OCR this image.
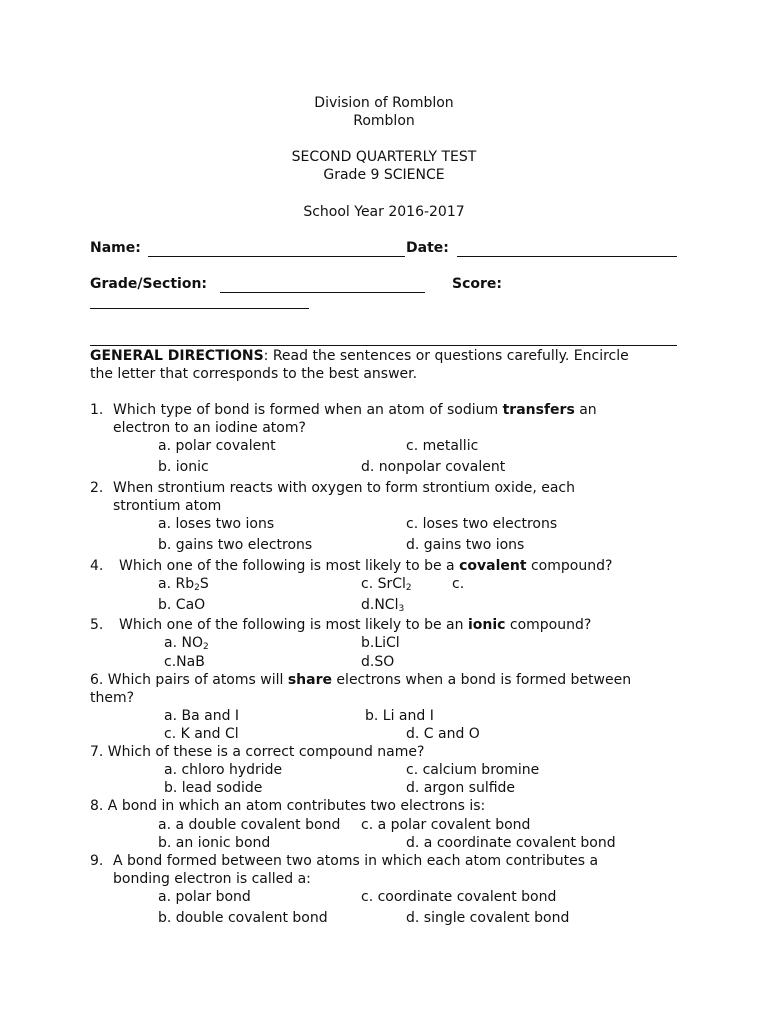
Division of Romblon
Romblon
SECOND QUARTERLY TEST
Grade 9 SCIENCE
School Year 2016-2017
Name:	Date:
Grade/Section:	Score:
GENERAL DIRECTIONS: Read the sentences or questions carefully. Encircle
the letter that corresponds to the best answer.
1. Which type of bond is formed when an atom of sodium transfers an
electron to an iodine atom?
a. polar covalent	c. metallic
b. ionic	d. nonpolar covalent
2. When strontium reacts with oxygen to form strontium oxide, each
strontium atom
a. loses two ions	c. loses two electrons
b. gains two electrons	d. gains two ions
4. Which one of the following is most likely to be a covalent compound?
a. $Rb_2S$	c. SrCl$_2$	c.
b. CaO	d.NCl$_3$
5. Which one of the following is most likely to be an ionic compound?
a. $NO_2$	b.LiCl
c.NaB	d.SO
6. Which pairs of atoms will share electrons when a bond is formed between
them?
a. Ba and I	b. Li and I
c. K and Cl	d. C and O
7. Which of these is a correct compound name?
a. chloro hydride	c. calcium bromine
b. lead sodide	d. argon sulfide
8. A bond in which an atom contributes two electrons is:
a. a double covalent bond c. a polar covalent bond
b. an ionic bond	d. a coordinate covalent bond
9. A bond formed between two atoms in which each atom contributes a
bonding electron is called a:
a. polar bond	c. coordinate covalent bond
b. double covalent bond	d. single covalent bond
